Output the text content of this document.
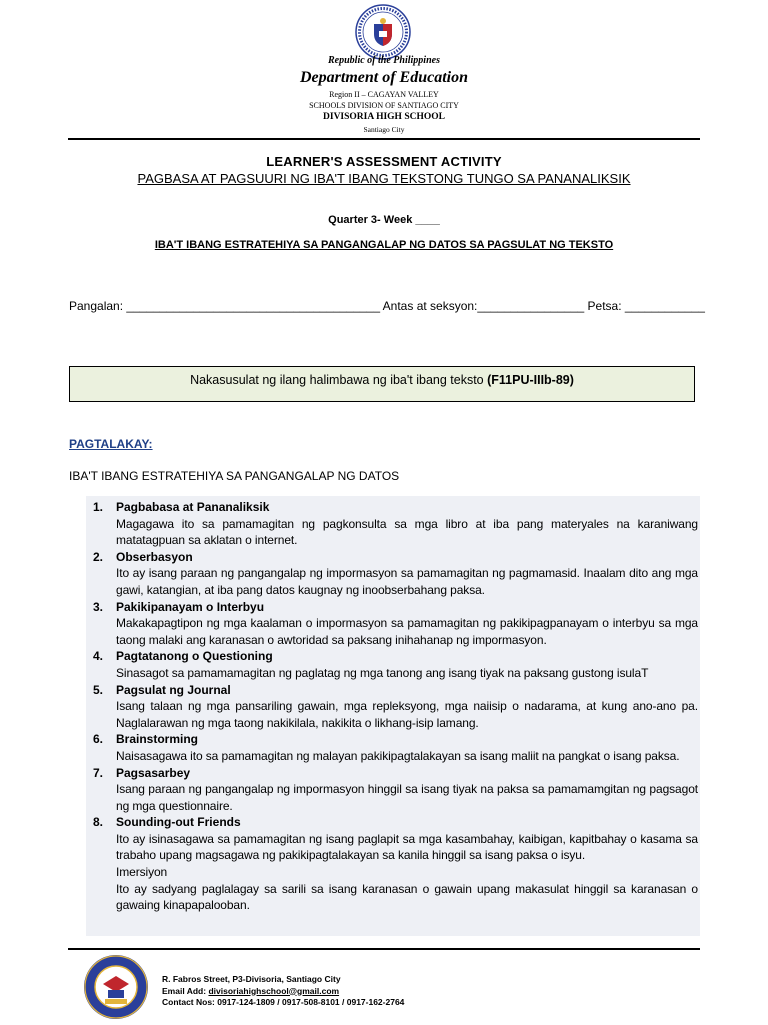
Republic of the Philippines
Department of Education
Region II – CAGAYAN VALLEY
SCHOOLS DIVISION OF SANTIAGO CITY
DIVISORIA HIGH SCHOOL
Santiago City
LEARNER'S ASSESSMENT ACTIVITY
PAGBASA AT PAGSUURI NG IBA'T IBANG TEKSTONG TUNGO SA PANANALIKSIK
Quarter 3- Week ____
IBA'T IBANG ESTRATEHIYA SA PANGANGALAP NG DATOS SA PAGSULAT NG TEKSTO
Pangalan: ______________________________________ Antas at seksyon:________________ Petsa: ____________
Nakasusulat ng ilang halimbawa ng iba't ibang teksto (F11PU-IIIb-89)
PAGTALAKAY:
IBA'T IBANG ESTRATEHIYA SA PANGANGALAP NG DATOS
1. Pagbabasa at Pananaliksik
Magagawa ito sa pamamagitan ng pagkonsulta sa mga libro at iba pang materyales na karaniwang matatagpuan sa aklatan o internet.
2. Obserbasyon
Ito ay isang paraan ng pangangalap ng impormasyon sa pamamagitan ng pagmamasid. Inaalam dito ang mga gawi, katangian, at iba pang datos kaugnay ng inoobserbahang paksa.
3. Pakikipanayam o Interbyu
Makakapagtipon ng mga kaalaman o impormasyon sa pamamagitan ng pakikipagpanayam o interbyu sa mga taong malaki ang karanasan o awtoridad sa paksang inihahanap ng impormasyon.
4. Pagtatanong o Questioning
Sinasagot sa pamamamagitan ng paglatag ng mga tanong ang isang tiyak na paksang gustong isulaT
5. Pagsulat ng Journal
Isang talaan ng mga pansariling gawain, mga repleksyong, mga naiisip o nadarama, at kung ano-ano pa. Naglalarawan ng mga taong nakikilala, nakikita o likhang-isip lamang.
6. Brainstorming
Naisasagawa ito sa pamamagitan ng malayan pakikipagtalakayan sa isang maliit na pangkat o isang paksa.
7. Pagsasarbey
Isang paraan ng pangangalap ng impormasyon hinggil sa isang tiyak na paksa sa pamamamgitan ng pagsagot ng mga questionnaire.
8. Sounding-out Friends
Ito ay isinasagawa sa pamamagitan ng isang paglapit sa mga kasambahay, kaibigan, kapitbahay o kasama sa trabaho upang magsagawa ng pakikipagtalakayan sa kanila hinggil sa isang paksa o isyu.
Imersiyon
Ito ay sadyang paglalagay sa sarili sa isang karanasan o gawain upang makasulat hinggil sa karanasan o gawaing kinapapalooban.
R. Fabros Street, P3-Divisoria, Santiago City
Email Add: divisoriahighschool@gmail.com
Contact Nos: 0917-124-1809 / 0917-508-8101 / 0917-162-2764
